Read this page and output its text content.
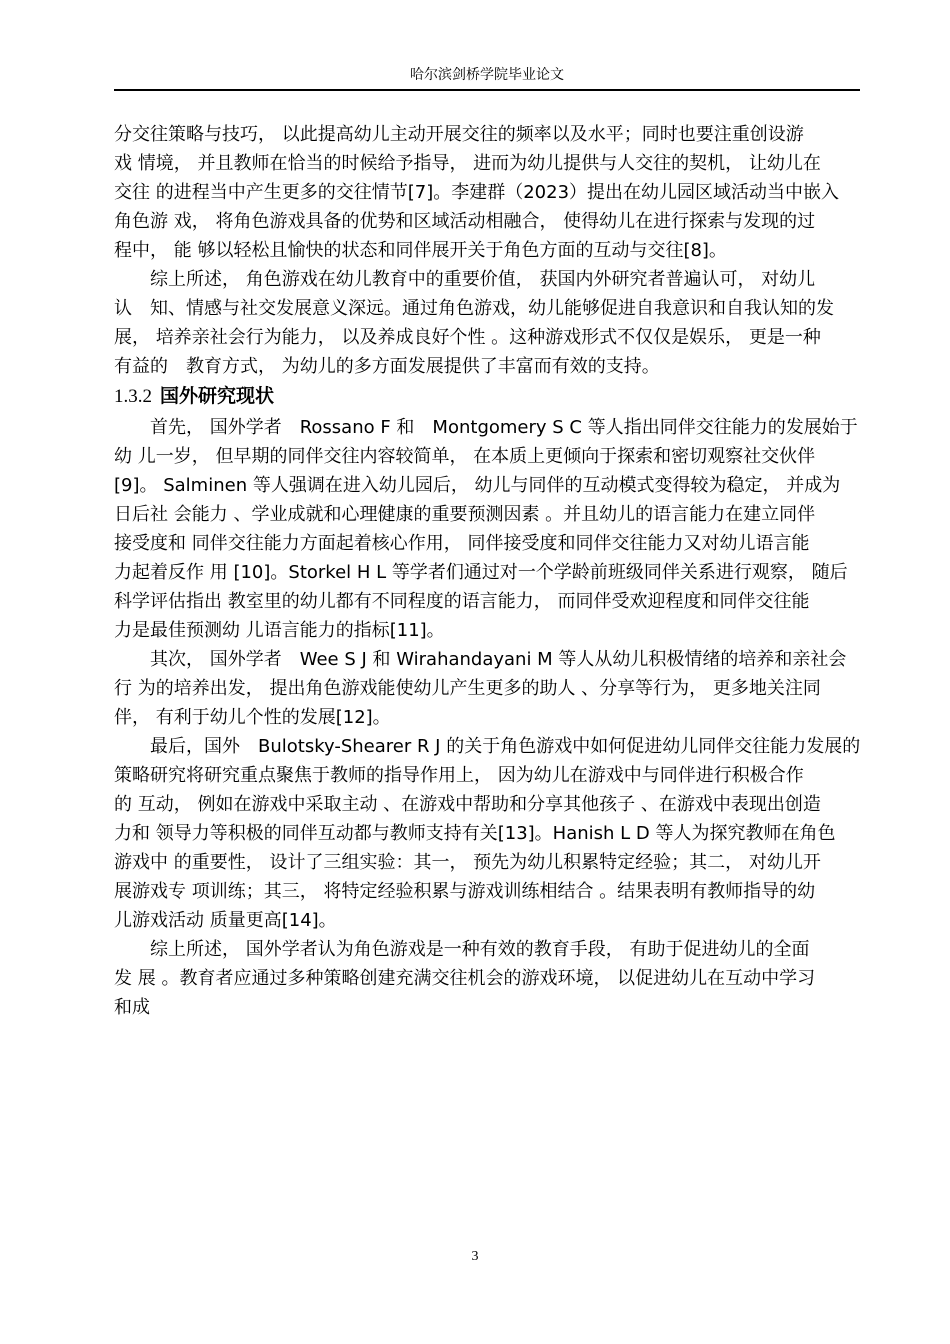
哈尔滨剑桥学院毕业论文
分交往策略与技巧， 以此提高幼儿主动开展交往的频率以及水平；同时也要注重创设游
戏 情境， 并且教师在恰当的时候给予指导， 进而为幼儿提供与人交往的契机， 让幼儿在
交往 的进程当中产生更多的交往情节[7]。李建群（2023）提出在幼儿园区域活动当中嵌入
角色游 戏， 将角色游戏具备的优势和区域活动相融合， 使得幼儿在进行探索与发现的过
程中， 能 够以轻松且愉快的状态和同伴展开关于角色方面的互动与交往[8]。
　　综上所述， 角色游戏在幼儿教育中的重要价值， 获国内外研究者普遍认可， 对幼儿
认　知、情感与社交发展意义深远。通过角色游戏，幼儿能够促进自我意识和自我认知的发
展， 培养亲社会行为能力， 以及养成良好个性 。这种游戏形式不仅仅是娱乐， 更是一种
有益的　教育方式， 为幼儿的多方面发展提供了丰富而有效的支持。
1.3.2 国外研究现状
　　首先， 国外学者　Rossano F 和　Montgomery S C 等人指出同伴交往能力的发展始于
幼 儿一岁， 但早期的同伴交往内容较简单， 在本质上更倾向于探索和密切观察社交伙伴
[9]。 Salminen 等人强调在进入幼儿园后， 幼儿与同伴的互动模式变得较为稳定， 并成为
日后社 会能力 、学业成就和心理健康的重要预测因素 。并且幼儿的语言能力在建立同伴
接受度和 同伴交往能力方面起着核心作用， 同伴接受度和同伴交往能力又对幼儿语言能
力起着反作 用 [10]。Storkel H L 等学者们通过对一个学龄前班级同伴关系进行观察， 随后
科学评估指出 教室里的幼儿都有不同程度的语言能力， 而同伴受欢迎程度和同伴交往能
力是最佳预测幼 儿语言能力的指标[11]。
　　其次， 国外学者　Wee S J 和 Wirahandayani M 等人从幼儿积极情绪的培养和亲社会
行 为的培养出发， 提出角色游戏能使幼儿产生更多的助人 、分享等行为， 更多地关注同
伴， 有利于幼儿个性的发展[12]。
　　最后，国外　Bulotsky-Shearer R J 的关于角色游戏中如何促进幼儿同伴交往能力发展的
策略研究将研究重点聚焦于教师的指导作用上， 因为幼儿在游戏中与同伴进行积极合作
的 互动， 例如在游戏中采取主动 、在游戏中帮助和分享其他孩子 、在游戏中表现出创造
力和 领导力等积极的同伴互动都与教师支持有关[13]。Hanish L D 等人为探究教师在角色
游戏中 的重要性， 设计了三组实验：其一， 预先为幼儿积累特定经验；其二， 对幼儿开
展游戏专 项训练；其三， 将特定经验积累与游戏训练相结合 。结果表明有教师指导的幼
儿游戏活动 质量更高[14]。
　　综上所述， 国外学者认为角色游戏是一种有效的教育手段， 有助于促进幼儿的全面
发 展 。教育者应通过多种策略创建充满交往机会的游戏环境， 以促进幼儿在互动中学习
和成
3
